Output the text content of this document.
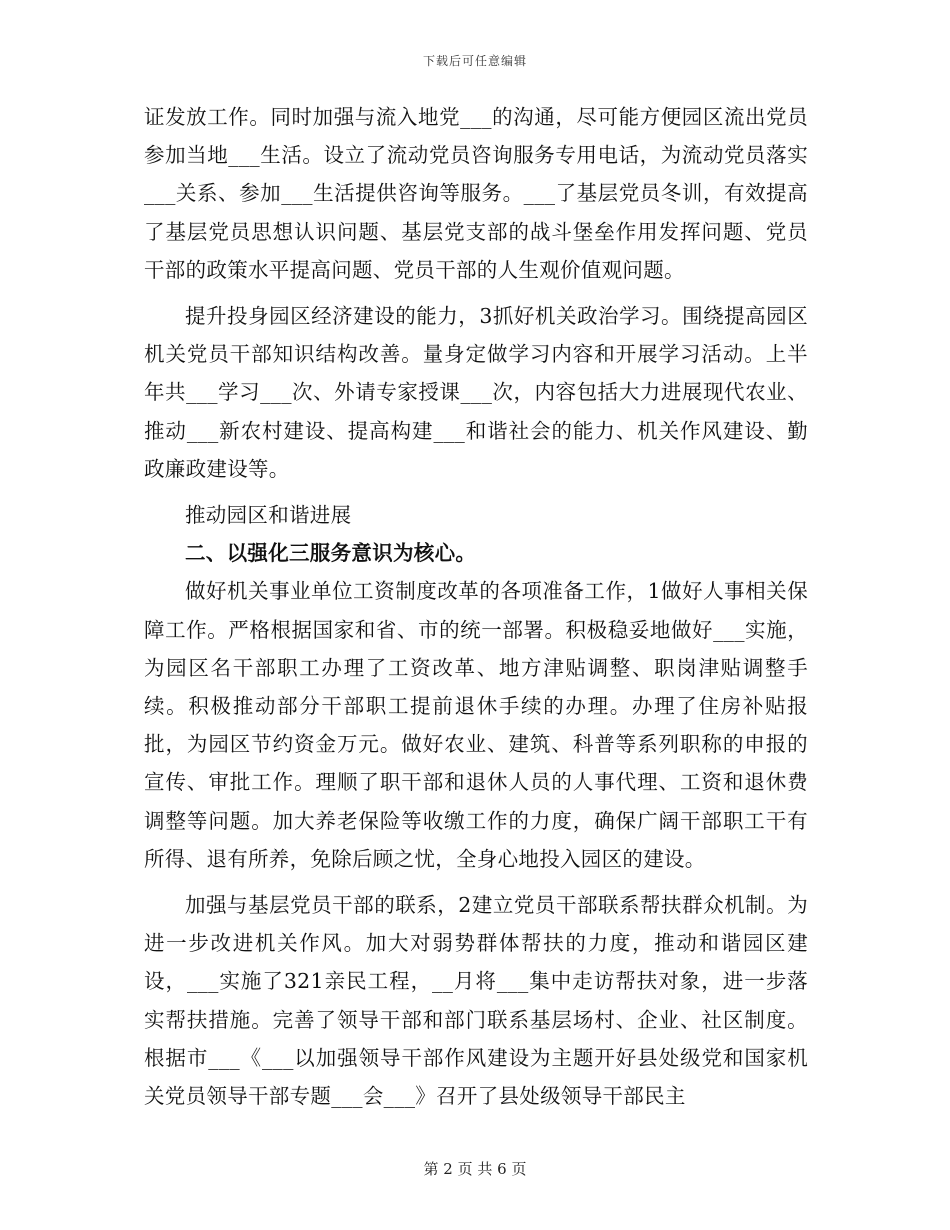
下载后可任意编辑

证发放工作。同时加强与流入地党___的沟通，尽可能方便园区流出党员参加当地___生活。设立了流动党员咨询服务专用电话，为流动党员落实___关系、参加___生活提供咨询等服务。___了基层党员冬训，有效提高了基层党员思想认识问题、基层党支部的战斗堡垒作用发挥问题、党员干部的政策水平提高问题、党员干部的人生观价值观问题。

提升投身园区经济建设的能力，3抓好机关政治学习。围绕提高园区机关党员干部知识结构改善。量身定做学习内容和开展学习活动。上半年共___学习___次、外请专家授课___次，内容包括大力进展现代农业、推动___新农村建设、提高构建___和谐社会的能力、机关作风建设、勤政廉政建设等。

推动园区和谐进展

二、以强化三服务意识为核心。

做好机关事业单位工资制度改革的各项准备工作，1做好人事相关保障工作。严格根据国家和省、市的统一部署。积极稳妥地做好___实施，为园区名干部职工办理了工资改革、地方津贴调整、职岗津贴调整手续。积极推动部分干部职工提前退休手续的办理。办理了住房补贴报批，为园区节约资金万元。做好农业、建筑、科普等系列职称的申报的宣传、审批工作。理顺了职干部和退休人员的人事代理、工资和退休费调整等问题。加大养老保险等收缴工作的力度，确保广阔干部职工干有所得、退有所养，免除后顾之忧，全身心地投入园区的建设。

加强与基层党员干部的联系，2建立党员干部联系帮扶群众机制。为进一步改进机关作风。加大对弱势群体帮扶的力度，推动和谐园区建设，___实施了321亲民工程，__月将___集中走访帮扶对象，进一步落实帮扶措施。完善了领导干部和部门联系基层场村、企业、社区制度。根据市___《___以加强领导干部作风建设为主题开好县处级党和国家机关党员领导干部专题___会___》召开了县处级领导干部民主

第 2 页 共 6 页
